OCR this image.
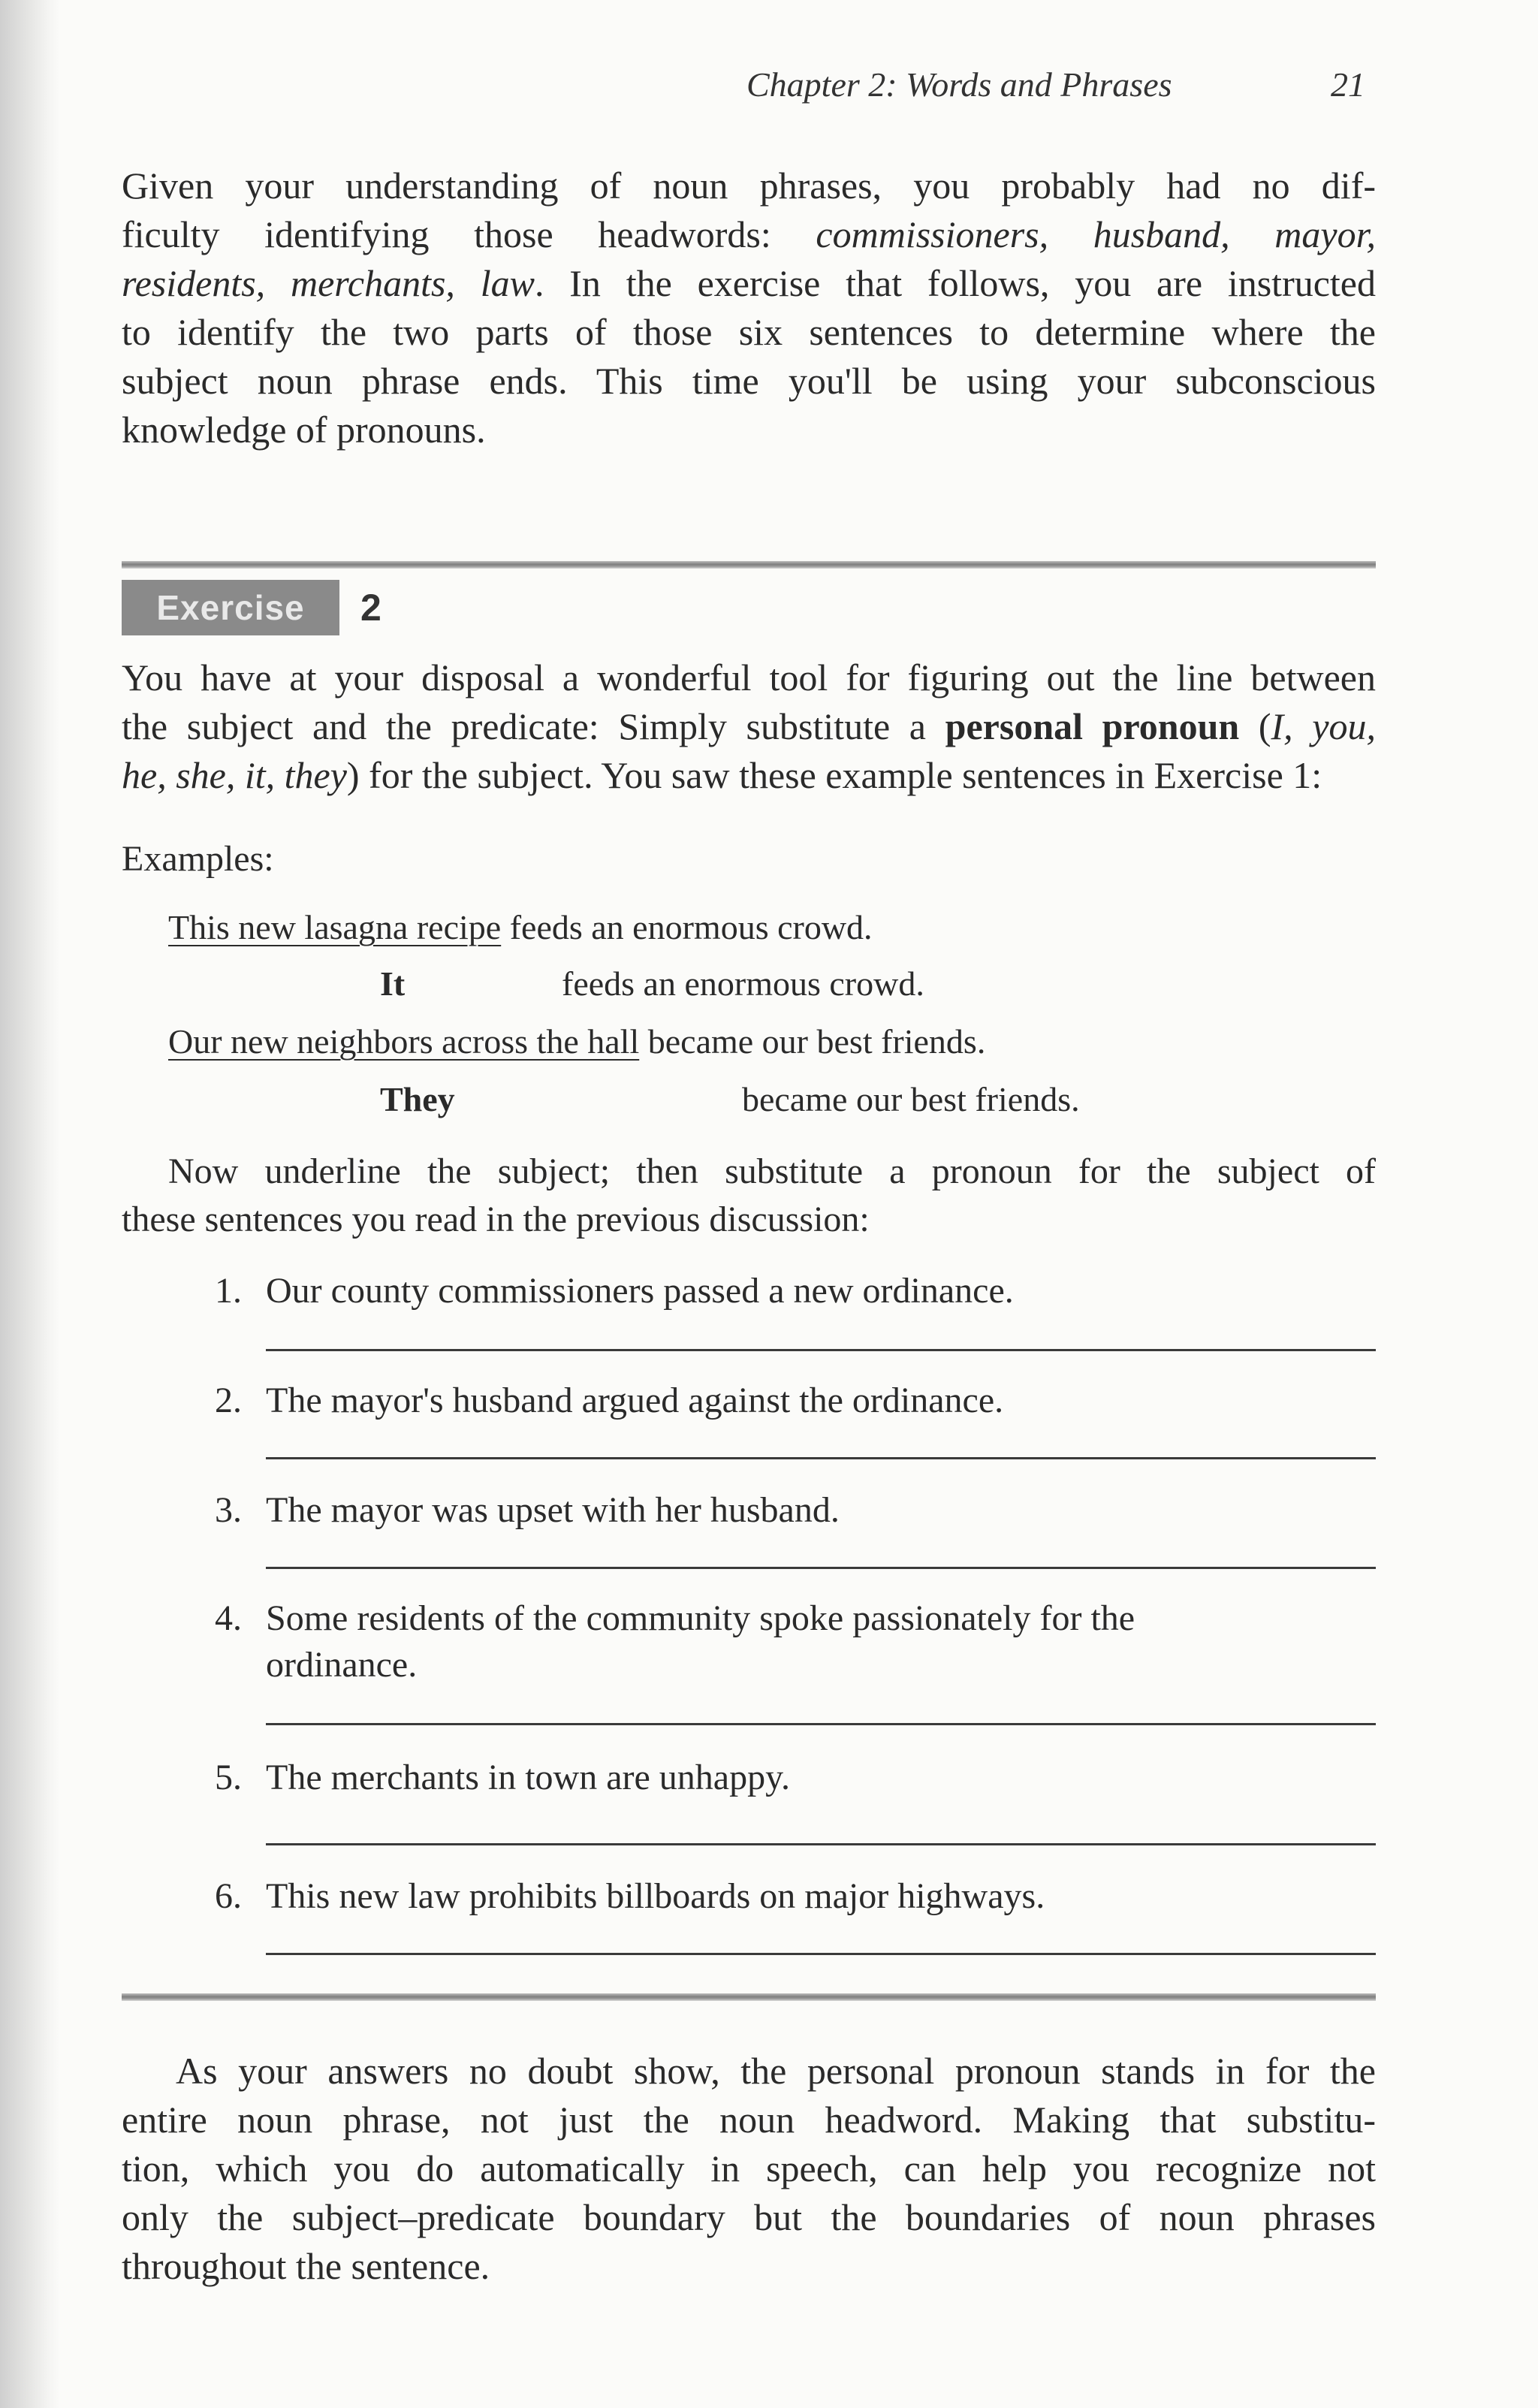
Chapter 2: Words and Phrases	21
Given your understanding of noun phrases, you probably had no dif-
ficulty identifying those headwords: commissioners, husband, mayor,
residents, merchants, law. In the exercise that follows, you are instructed
to identify the two parts of those six sentences to determine where the
subject noun phrase ends. This time you'll be using your subconscious
knowledge of pronouns.
Exercise	2
You have at your disposal a wonderful tool for figuring out the line between
the subject and the predicate: Simply substitute a personal pronoun (I, you,
he, she, it, they) for the subject. You saw these example sentences in Exercise 1:
Examples:
This new lasagna recipe feeds an enormous crowd.
It	feeds an enormous crowd.
Our new neighbors across the hall became our best friends.
They	became our best friends.
Now underline the subject; then substitute a pronoun for the subject of
these sentences you read in the previous discussion:
1. Our county commissioners passed a new ordinance.
2. The mayor's husband argued against the ordinance.
3. The mayor was upset with her husband.
4. Some residents of the community spoke passionately for the
ordinance.
5. The merchants in town are unhappy.
6. This new law prohibits billboards on major highways.
As your answers no doubt show, the personal pronoun stands in for the
entire noun phrase, not just the noun headword. Making that substitu-
tion, which you do automatically in speech, can help you recognize not
only the subject–predicate boundary but the boundaries of noun phrases
throughout the sentence.
